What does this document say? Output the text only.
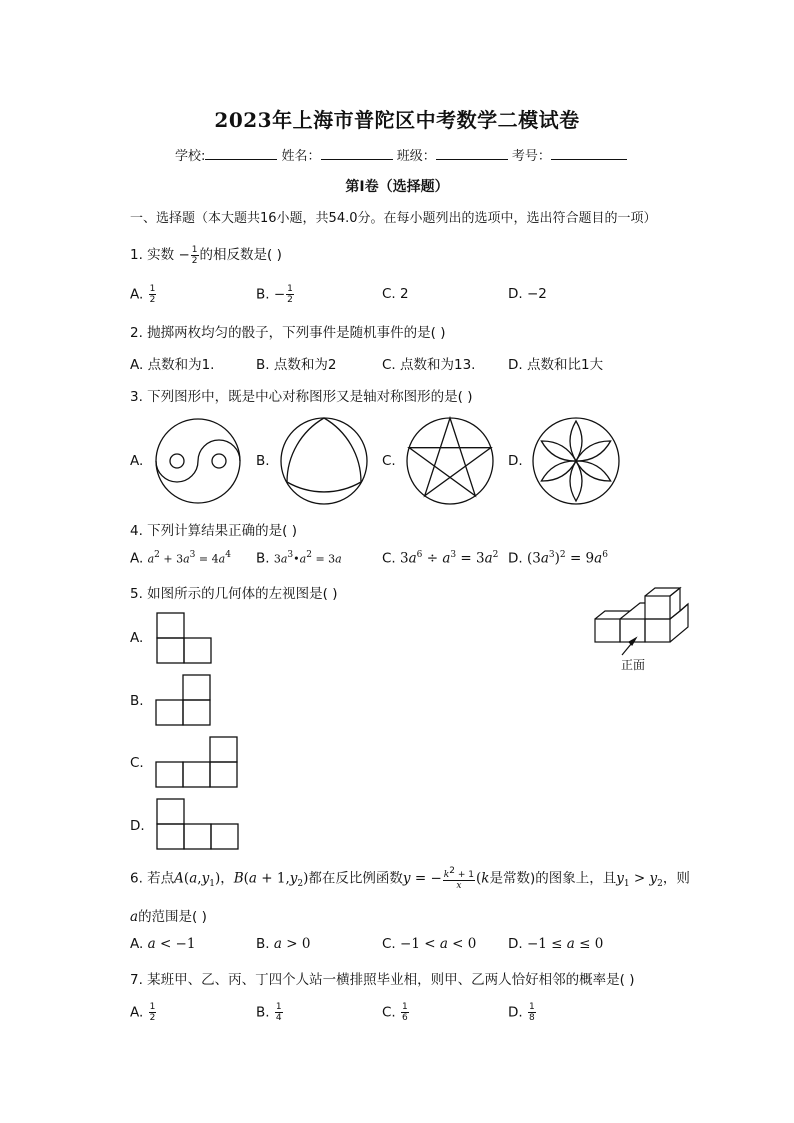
2023年上海市普陀区中考数学二模试卷
学校:	姓名：	班级：	考号：
第I卷（选择题）
一、选择题（本大题共16小题，共54.0分。在每小题列出的选项中，选出符合题目的一项）
1. 实数 − $\frac{1}{2}$ 的相反数是( )
A. $\frac{1}{2}$	B. − $\frac{1}{2}$	C. 2	D. −2
2. 抛掷两枚均匀的骰子，下列事件是随机事件的是( )
A. 点数和为1.	B. 点数和为2	C. 点数和为13. D. 点数和比1大
3. 下列图形中，既是中心对称图形又是轴对称图形的是( )
A.	B.	C.	D.
4. 下列计算结果正确的是( )
A. $a^2 + 3a^3 = 4a^4$ B. $3a^3•a^2 = 3a$	C. $3a^6 \div a^3 = 3a^2$ D. $(3a^3)^2 = 9a^6$
5. 如图所示的几何体的左视图是( )
正面
A.
B.
C.
D.
6. 若点$A(a,y_1)$，$B(a + 1,y_2)$都在反比例函数y = − $\frac{k^2 + 1}{x} (k$是常数)的图象上，且$y_1 > y_2$，则
a的范围是( )
A. a < −1	B. a > 0	C. −1 < a < 0 D. −1 ≤ a ≤ 0
7. 某班甲、乙、丙、丁四个人站一横排照毕业相，则甲、乙两人恰好相邻的概率是( )
A. $\frac{1}{2}$	B. $\frac{1}{4}$	C. $\frac{1}{6}$	D. $\frac{1}{8}$
